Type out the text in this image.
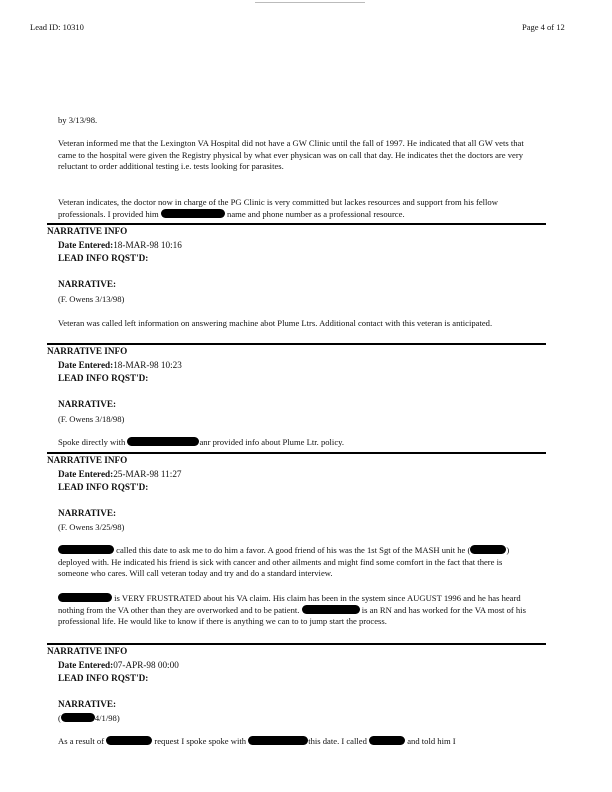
Lead ID: 10310	Page 4 of 12
by 3/13/98.
Veteran informed me that the Lexington VA Hospital did not have a GW Clinic until the fall of 1997. He indicated that all GW vets that came to the hospital were given the Registry physical by what ever physican was on call that day. He indicates thet the doctors are very reluctant to order additional testing i.e. tests looking for parasites.
Veteran indicates, the doctor now in charge of the PG Clinic is very committed but lackes resources and support from his fellow professionals. I provided him	name and phone number as a professional resource.
NARRATIVE INFO
Date Entered:18-MAR-98 10:16
LEAD INFO RQST'D:
NARRATIVE:
(F. Owens 3/13/98)
Veteran was called left information on answering machine abot Plume Ltrs. Additional contact with this veteran is anticipated.
NARRATIVE INFO
Date Entered:18-MAR-98 10:23
LEAD INFO RQST'D:
NARRATIVE:
(F. Owens 3/18/98)
Spoke directly with	anr provided info about Plume Ltr. policy.
NARRATIVE INFO
Date Entered:25-MAR-98 11:27
LEAD INFO RQST'D:
NARRATIVE:
(F. Owens 3/25/98)
called this date to ask me to do him a favor. A good friend of his was the 1st Sgt of the MASH unit he (	) deployed with. He indicated his friend is sick with cancer and other ailments and might find some comfort in the fact that there is someone who cares. Will call veteran today and try and do a standard interview.
is VERY FRUSTRATED about his VA claim. His claim has been in the system since AUGUST 1996 and he has heard nothing from the VA other than they are overworked and to be patient.	is an RN and has worked for the VA most of his professional life. He would like to know if there is anything we can to to jump start the process.
NARRATIVE INFO
Date Entered:07-APR-98 00:00
LEAD INFO RQST'D:
NARRATIVE:
(	4/1/98)
As a result of	request I spoke spoke with	this date. I called	and told him I
